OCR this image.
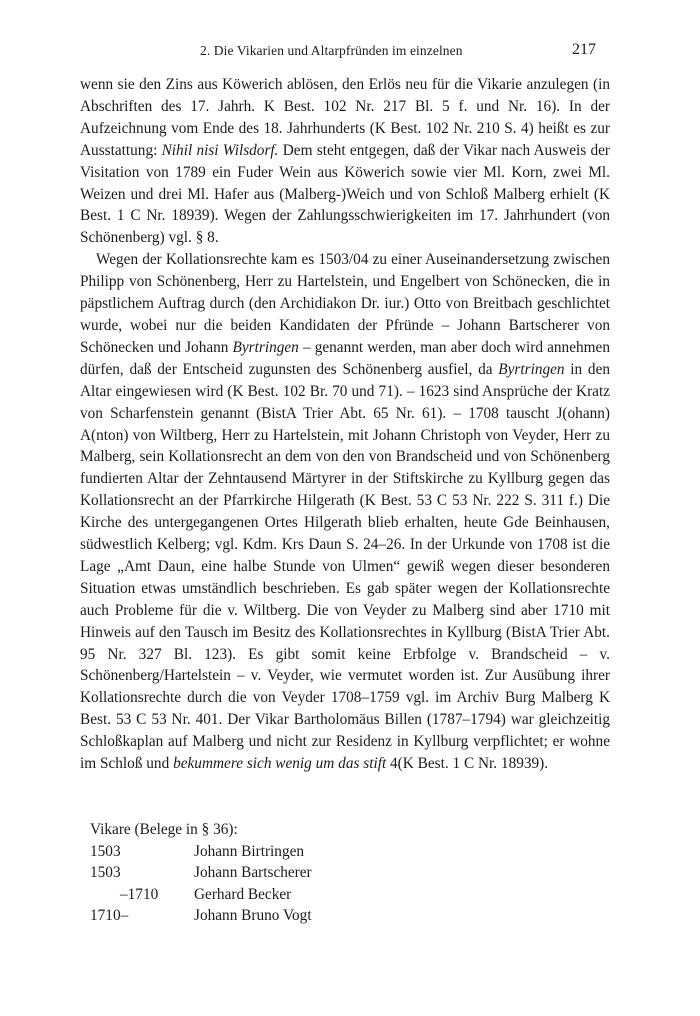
2. Die Vikarien und Altarpfründen im einzelnen	217

wenn sie den Zins aus Köwerich ablösen, den Erlös neu für die Vikarie anzulegen (in Abschriften des 17. Jahrh. K Best. 102 Nr. 217 Bl. 5 f. und Nr. 16). In der Aufzeichnung vom Ende des 18. Jahrhunderts (K Best. 102 Nr. 210 S. 4) heißt es zur Ausstattung: Nihil nisi Wilsdorf. Dem steht entgegen, daß der Vikar nach Ausweis der Visitation von 1789 ein Fuder Wein aus Köwerich sowie vier Ml. Korn, zwei Ml. Weizen und drei Ml. Hafer aus (Malberg-)Weich und von Schloß Malberg erhielt (K Best. 1 C Nr. 18939). Wegen der Zahlungsschwierigkeiten im 17. Jahrhundert (von Schönenberg) vgl. § 8.

Wegen der Kollationsrechte kam es 1503/04 zu einer Auseinandersetzung zwischen Philipp von Schönenberg, Herr zu Hartelstein, und Engelbert von Schönecken, die in päpstlichem Auftrag durch (den Archidiakon Dr. iur.) Otto von Breitbach geschlichtet wurde, wobei nur die beiden Kandidaten der Pfründe – Johann Bartscherer von Schönecken und Johann Byrtringen – genannt werden, man aber doch wird annehmen dürfen, daß der Entscheid zugunsten des Schönenberg ausfiel, da Byrtringen in den Altar eingewiesen wird (K Best. 102 Br. 70 und 71). – 1623 sind Ansprüche der Kratz von Scharfenstein genannt (BistA Trier Abt. 65 Nr. 61). – 1708 tauscht J(ohann) A(nton) von Wiltberg, Herr zu Hartelstein, mit Johann Christoph von Veyder, Herr zu Malberg, sein Kollationsrecht an dem von den von Brandscheid und von Schönenberg fundierten Altar der Zehntausend Märtyrer in der Stiftskirche zu Kyllburg gegen das Kollationsrecht an der Pfarrkirche Hilgerath (K Best. 53 C 53 Nr. 222 S. 311 f.) Die Kirche des untergegangenen Ortes Hilgerath blieb erhalten, heute Gde Beinhausen, südwestlich Kelberg; vgl. Kdm. Krs Daun S. 24–26. In der Urkunde von 1708 ist die Lage „Amt Daun, eine halbe Stunde von Ulmen“ gewiß wegen dieser besonderen Situation etwas umständlich beschrieben. Es gab später wegen der Kollationsrechte auch Probleme für die v. Wiltberg. Die von Veyder zu Malberg sind aber 1710 mit Hinweis auf den Tausch im Besitz des Kollationsrechtes in Kyllburg (BistA Trier Abt. 95 Nr. 327 Bl. 123). Es gibt somit keine Erbfolge v. Brandscheid – v. Schönenberg/Hartelstein – v. Veyder, wie vermutet worden ist. Zur Ausübung ihrer Kollationsrechte durch die von Veyder 1708–1759 vgl. im Archiv Burg Malberg K Best. 53 C 53 Nr. 401. Der Vikar Bartholomäus Billen (1787–1794) war gleichzeitig Schloßkaplan auf Malberg und nicht zur Residenz in Kyllburg verpflichtet; er wohne im Schloß und bekummere sich wenig um das stift 4(K Best. 1 C Nr. 18939).

Vikare (Belege in § 36):

1503	Johann Birtringen
1503	Johann Bartscherer
–1710	Gerhard Becker
1710–	Johann Bruno Vogt
